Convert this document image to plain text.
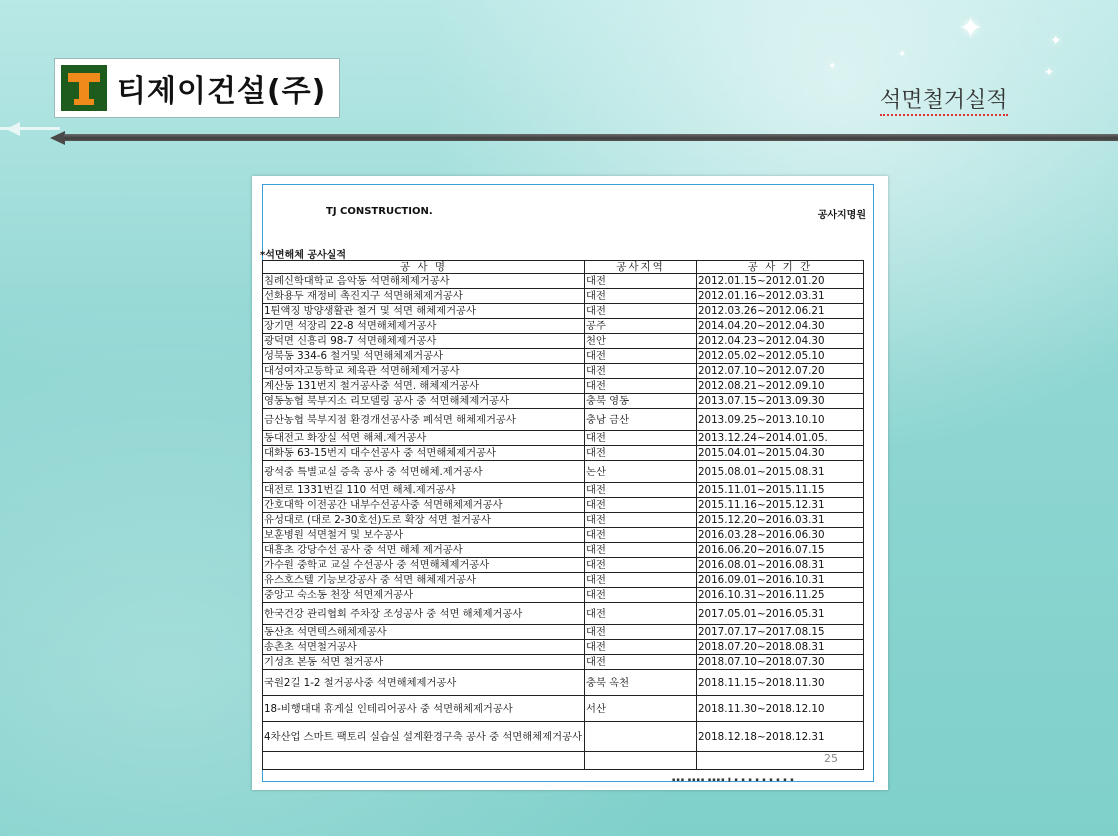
✦	✦
✦
✦
✦
티제이건설(주)	석면철거실적
TJ CONSTRUCTION.	공사지명원
*석면해체 공사실적
공 사 명	공사지역	공 사 기 간
침례신학대학교 음악동 석면해체제거공사	대전	2012.01.15~2012.01.20
선화용두 재정비 촉진지구 석면해체제거공사	대전	2012.01.16~2012.03.31
1튄액징 방양생활관 철거 및 석면 해체제거공사	대전	2012.03.26~2012.06.21
장기면 석장리 22-8 석면해체제거공사	공주	2014.04.20~2012.04.30
광덕면 신흥리 98-7 석면해체제거공사	천안	2012.04.23~2012.04.30
성북동 334-6 철거및 석면해체제거공사	대전	2012.05.02~2012.05.10
대성여자고등학교 체육관 석면해체제거공사	대전	2012.07.10~2012.07.20
계산동 131번지 철거공사중 석면. 해체제거공사	대전	2012.08.21~2012.09.10
영동농협 북부지소 리모델링 공사 중 석면해체제거공사	충북 영동	2013.07.15~2013.09.30
금산농협 북부지점 환경개선공사중 폐석면 해체제거공사	충남 금산	2013.09.25~2013.10.10
동대전고 화장실 석면 해체.제거공사	대전	2013.12.24~2014.01.05.
대화동 63-15번지 대수선공사 중 석면해체제거공사	대전	2015.04.01~2015.04.30
광석중 특별교실 증축 공사 중 석면해체.제거공사	논산	2015.08.01~2015.08.31
대전로 1331번길 110 석면 해체.제거공사	대전	2015.11.01~2015.11.15
간호대학 이전공간 내부수선공사중 석면해체제거공사	대전	2015.11.16~2015.12.31
유성대로 (대로 2-30호선)도로 확장 석면 철거공사	대전	2015.12.20~2016.03.31
보훈병원 석면철거 및 보수공사	대전	2016.03.28~2016.06.30
대흥초 강당수선 공사 중 석면 해체 제거공사	대전	2016.06.20~2016.07.15
가수원 중학교 교실 수선공사 중 석면해체제거공사	대전	2016.08.01~2016.08.31
유스호스텔 기능보강공사 중 석면 해체제거공사	대전	2016.09.01~2016.10.31
중앙고 숙소동 천장 석면제거공사	대전	2016.10.31~2016.11.25
한국건강 관리협회 주차장 조성공사 중 석면 해체제거공사	대전	2017.05.01~2016.05.31
동산초 석면텍스해체제공사	대전	2017.07.17~2017.08.15
송촌초 석면철거공사	대전	2018.07.20~2018.08.31
기성초 본동 석면 철거공사	대전	2018.07.10~2018.07.30
국원2길 1-2 철거공사중 석면해체제거공사	충북 옥천	2018.11.15~2018.11.30
18-비행대대 휴게실 인테리어공사 중 석면해체제거공사	서산	2018.11.30~2018.12.10
4차산업 스마트 팩토리 실습실 설계환경구축 공사 중 석면해체제거공사		2018.12.18~2018.12.31

25
▪▪▪ ▪▪▪▪ ▪▪▪▪ ▮ ▪ ▪ ▪ ▪ ▪ ▪ ▪ ▪ ▪
